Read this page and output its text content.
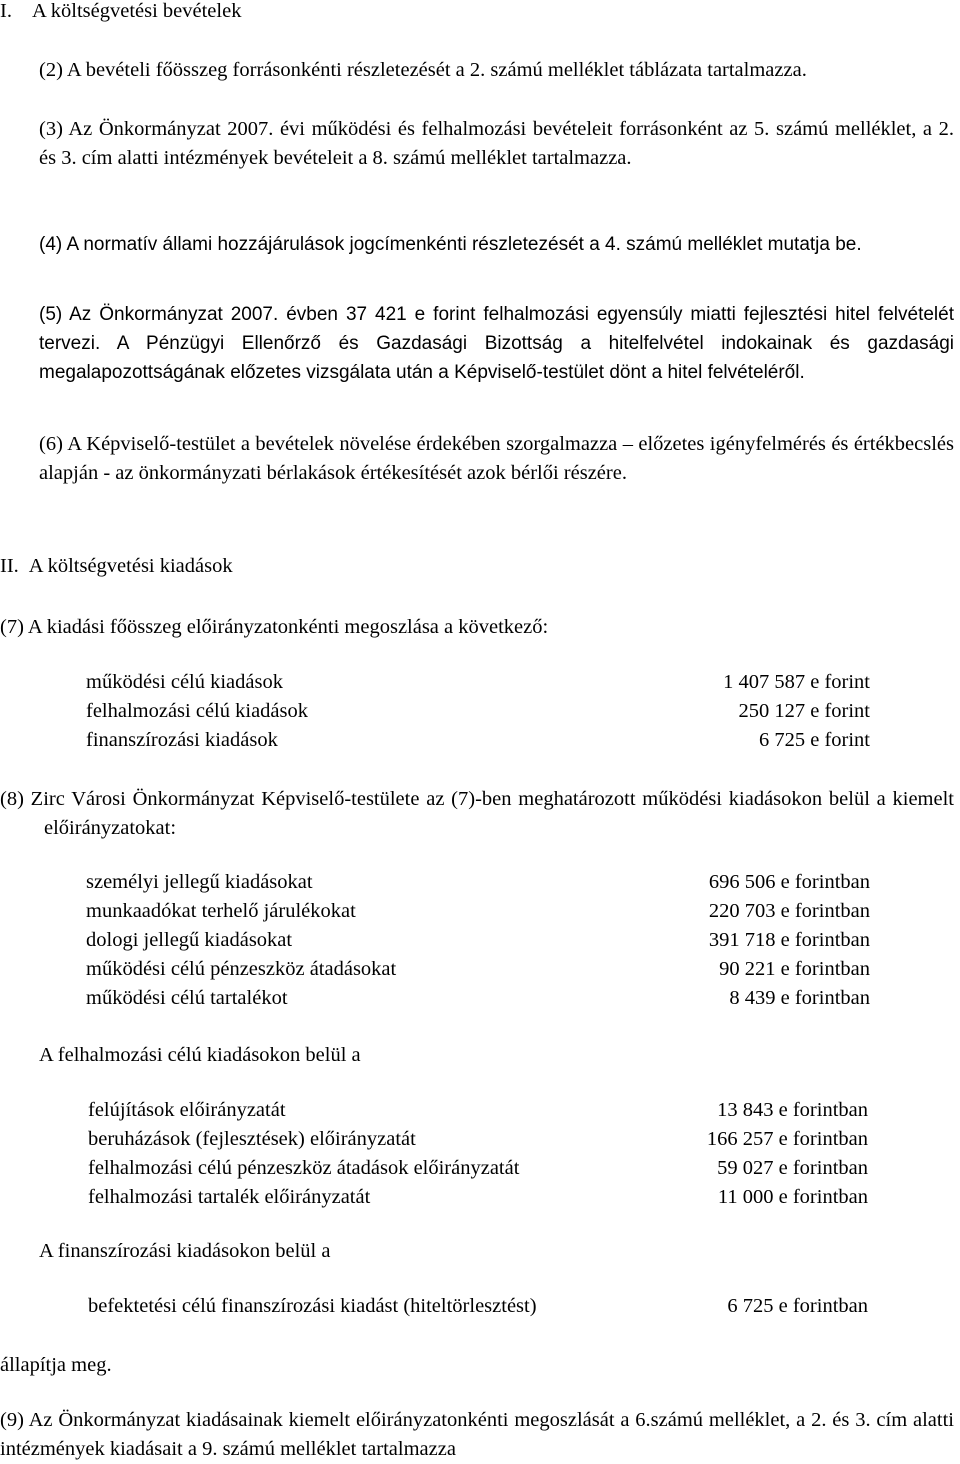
I. A költségvetési bevételek

(2) A bevételi főösszeg forrásonkénti részletezését a 2. számú melléklet táblázata tartalmazza.

(3) Az Önkormányzat 2007. évi működési és felhalmozási bevételeit forrásonként az 5. számú melléklet, a 2. és 3. cím alatti intézmények bevételeit a 8. számú melléklet tartalmazza.

(4) A normatív állami hozzájárulások jogcímenkénti részletezését a 4. számú melléklet mutatja be.

(5) Az Önkormányzat 2007. évben 37 421 e forint felhalmozási egyensúly miatti fejlesztési hitel felvételét tervezi. A Pénzügyi Ellenőrző és Gazdasági Bizottság a hitelfelvétel indokainak és gazdasági megalapozottságának előzetes vizsgálata után a Képviselő-testület dönt a hitel felvételéről.

(6) A Képviselő-testület a bevételek növelése érdekében szorgalmazza – előzetes igényfelmérés és értékbecslés alapján - az önkormányzati bérlakások értékesítését azok bérlői részére.

II. A költségvetési kiadások

(7) A kiadási főösszeg előirányzatonkénti megoszlása a következő:

működési célú kiadások	1 407 587 e forint
felhalmozási célú kiadások	250 127 e forint
finanszírozási kiadások	6 725 e forint

(8) Zirc Városi Önkormányzat Képviselő-testülete az (7)-ben meghatározott működési kiadásokon belül a kiemelt előirányzatokat:

személyi jellegű kiadásokat	696 506 e forintban
munkaadókat terhelő járulékokat	220 703 e forintban
dologi jellegű kiadásokat	391 718 e forintban
működési célú pénzeszköz átadásokat	90 221 e forintban
működési célú tartalékot	8 439 e forintban
A felhalmozási célú kiadásokon belül a
felújítások előirányzatát	13 843 e forintban
beruházások (fejlesztések) előirányzatát	166 257 e forintban
felhalmozási célú pénzeszköz átadások előirányzatát	59 027 e forintban
felhalmozási tartalék előirányzatát	11 000 e forintban
A finanszírozási kiadásokon belül a
befektetési célú finanszírozási kiadást (hiteltörlesztést)	6 725 e forintban
állapítja meg.

(9) Az Önkormányzat kiadásainak kiemelt előirányzatonkénti megoszlását a 6.számú melléklet, a 2. és 3. cím alatti intézmények kiadásait a 9. számú melléklet tartalmazza
